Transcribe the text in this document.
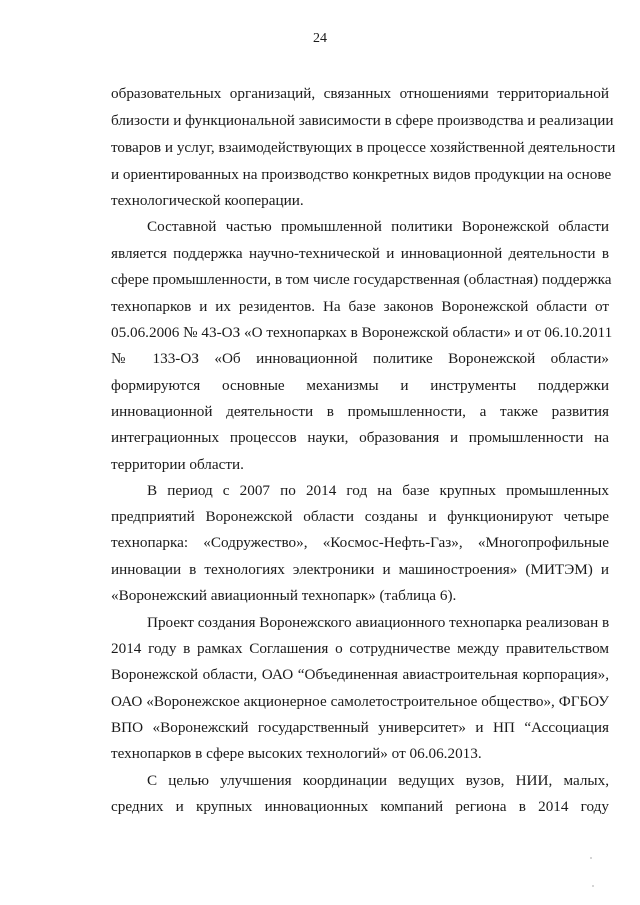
24
образовательных организаций, связанных отношениями территориальной
близости и функциональной зависимости в сфере производства и реализации
товаров и услуг, взаимодействующих в процессе хозяйственной деятельности
и ориентированных на производство конкретных видов продукции на основе
технологической кооперации.
Составной частью промышленной политики Воронежской области
является поддержка научно-технической и инновационной деятельности в
сфере промышленности, в том числе государственная (областная) поддержка
технопарков и их резидентов. На базе законов Воронежской области от
05.06.2006 № 43-ОЗ «О технопарках в Воронежской области» и от 06.10.2011
№ 133-ОЗ «Об инновационной политике Воронежской области»
формируются основные механизмы и инструменты поддержки
инновационной деятельности в промышленности, а также развития
интеграционных процессов науки, образования и промышленности на
территории области.
В период с 2007 по 2014 год на базе крупных промышленных
предприятий Воронежской области созданы и функционируют четыре
технопарка: «Содружество», «Космос-Нефть-Газ», «Многопрофильные
инновации в технологиях электроники и машиностроения» (МИТЭМ) и
«Воронежский авиационный технопарк» (таблица 6).
Проект создания Воронежского авиационного технопарка реализован в
2014 году в рамках Соглашения о сотрудничестве между правительством
Воронежской области, ОАО “Объединенная авиастроительная корпорация»,
ОАО «Воронежское акционерное самолетостроительное общество», ФГБОУ
ВПО «Воронежский государственный университет» и НП “Ассоциация
технопарков в сфере высоких технологий» от 06.06.2013.
С целью улучшения координации ведущих вузов, НИИ, малых,
средних и крупных инновационных компаний региона в 2014 году
